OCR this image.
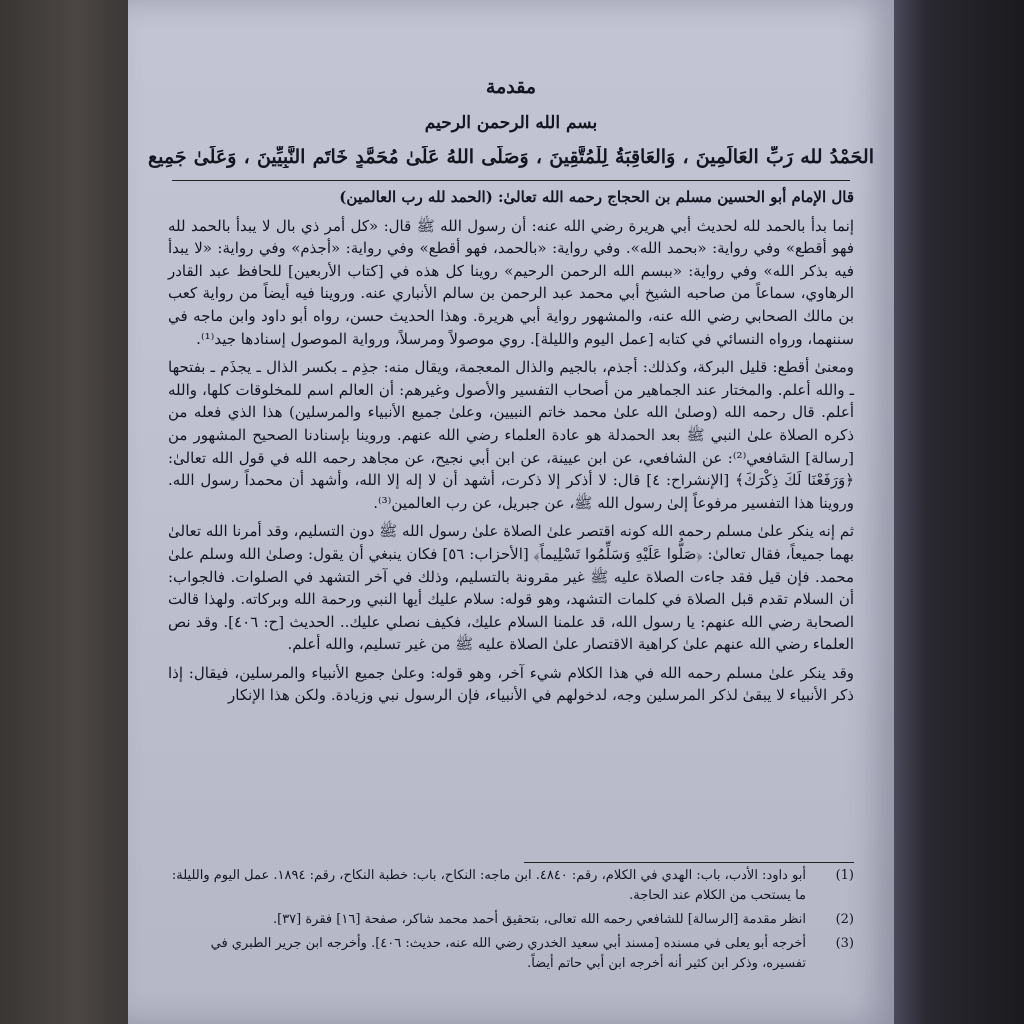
مقدمة
بسم الله الرحمن الرحيم
الحَمْدُ لله رَبِّ العَالَمِينَ ، وَالعَاقِبَةُ لِلْمُتَّقِينَ ، وَصَلَّى اللهُ عَلَىٰ مُحَمَّدٍ خَاتَمِ النَّبِيِّينَ ، وَعَلَىٰ جَمِيعِ

قال الإمام أبو الحسين مسلم بن الحجاج رحمه الله تعالىٰ: (الحمد لله رب العالمين)

إنما بدأ بالحمد لله لحديث أبي هريرة رضي الله عنه: أن رسول الله ﷺ قال: «كل أمر ذي بال لا يبدأ بالحمد لله فهو أقطع» وفي رواية: «بحمد الله». وفي رواية: «بالحمد، فهو أقطع» وفي رواية: «أجذم» وفي رواية: «لا يبدأ فيه بذكر الله» وفي رواية: «ببسم الله الرحمن الرحيم» روينا كل هذه في [كتاب الأربعين] للحافظ عبد القادر الرهاوي، سماعاً من صاحبه الشيخ أبي محمد عبد الرحمن بن سالم الأنباري عنه. وروينا فيه أيضاً من رواية كعب بن مالك الصحابي رضي الله عنه، والمشهور رواية أبي هريرة. وهذا الحديث حسن، رواه أبو داود وابن ماجه في سننهما، ورواه النسائي في كتابه [عمل اليوم والليلة]. روي موصولاً ومرسلاً، ورواية الموصول إسنادها جيد⁽¹⁾.

ومعنىٰ أقطع: قليل البركة، وكذلك: أجذم، بالجيم والذال المعجمة، ويقال منه: جذِم ـ بكسر الذال ـ يجذَم ـ بفتحها ـ والله أعلم. والمختار عند الجماهير من أصحاب التفسير والأصول وغيرهم: أن العالم اسم للمخلوقات كلها، والله أعلم. قال رحمه الله (وصلىٰ الله علىٰ محمد خاتم النبيين، وعلىٰ جميع الأنبياء والمرسلين) هذا الذي فعله من ذكره الصلاة علىٰ النبي ﷺ بعد الحمدلة هو عادة العلماء رضي الله عنهم. وروينا بإسنادنا الصحيح المشهور من [رسالة] الشافعي⁽²⁾: عن الشافعي، عن ابن عيينة، عن ابن أبي نجيح، عن مجاهد رحمه الله في قول الله تعالىٰ: ﴿وَرَفَعْنَا لَكَ ذِكْرَكَ﴾ [الإنشراح: ٤] قال: لا أذكر إلا ذكرت، أشهد أن لا إله إلا الله، وأشهد أن محمداً رسول الله. وروينا هذا التفسير مرفوعاً إلىٰ رسول الله ﷺ، عن جبريل، عن رب العالمين⁽³⁾.

ثم إنه ينكر علىٰ مسلم رحمه الله كونه اقتصر علىٰ الصلاة علىٰ رسول الله ﷺ دون التسليم، وقد أمرنا الله تعالىٰ بهما جميعاً، فقال تعالىٰ: ﴿صَلُّوا عَلَيْهِ وَسَلِّمُوا تَسْلِيماً﴾ [الأحزاب: ٥٦] فكان ينبغي أن يقول: وصلىٰ الله وسلم علىٰ محمد. فإن قيل فقد جاءت الصلاة عليه ﷺ غير مقرونة بالتسليم، وذلك في آخر التشهد في الصلوات. فالجواب: أن السلام تقدم قبل الصلاة في كلمات التشهد، وهو قوله: سلام عليك أيها النبي ورحمة الله وبركاته. ولهذا قالت الصحابة رضي الله عنهم: يا رسول الله، قد علمنا السلام عليك، فكيف نصلي عليك.. الحديث [ح: ٤٠٦]. وقد نص العلماء رضي الله عنهم علىٰ كراهية الاقتصار علىٰ الصلاة عليه ﷺ من غير تسليم، والله أعلم.

وقد ينكر علىٰ مسلم رحمه الله في هذا الكلام شيء آخر، وهو قوله: وعلىٰ جميع الأنبياء والمرسلين، فيقال: إذا ذكر الأنبياء لا يبقىٰ لذكر المرسلين وجه، لدخولهم في الأنبياء، فإن الرسول نبي وزيادة. ولكن هذا الإنكار

(1)
أبو داود: الأدب، باب: الهدي في الكلام، رقم: ٤٨٤٠. ابن ماجه: النكاح، باب: خطبة النكاح، رقم: ١٨٩٤. عمل اليوم والليلة: ما يستحب من الكلام عند الحاجة.
(2)
انظر مقدمة [الرسالة] للشافعي رحمه الله تعالى، بتحقيق أحمد محمد شاكر، صفحة [١٦] فقرة [٣٧].
(3)
أخرجه أبو يعلى في مسنده [مسند أبي سعيد الخدري رضي الله عنه، حديث: ٤٠٦]. وأخرجه ابن جرير الطبري في تفسيره، وذكر ابن كثير أنه أخرجه ابن أبي حاتم أيضاً.
